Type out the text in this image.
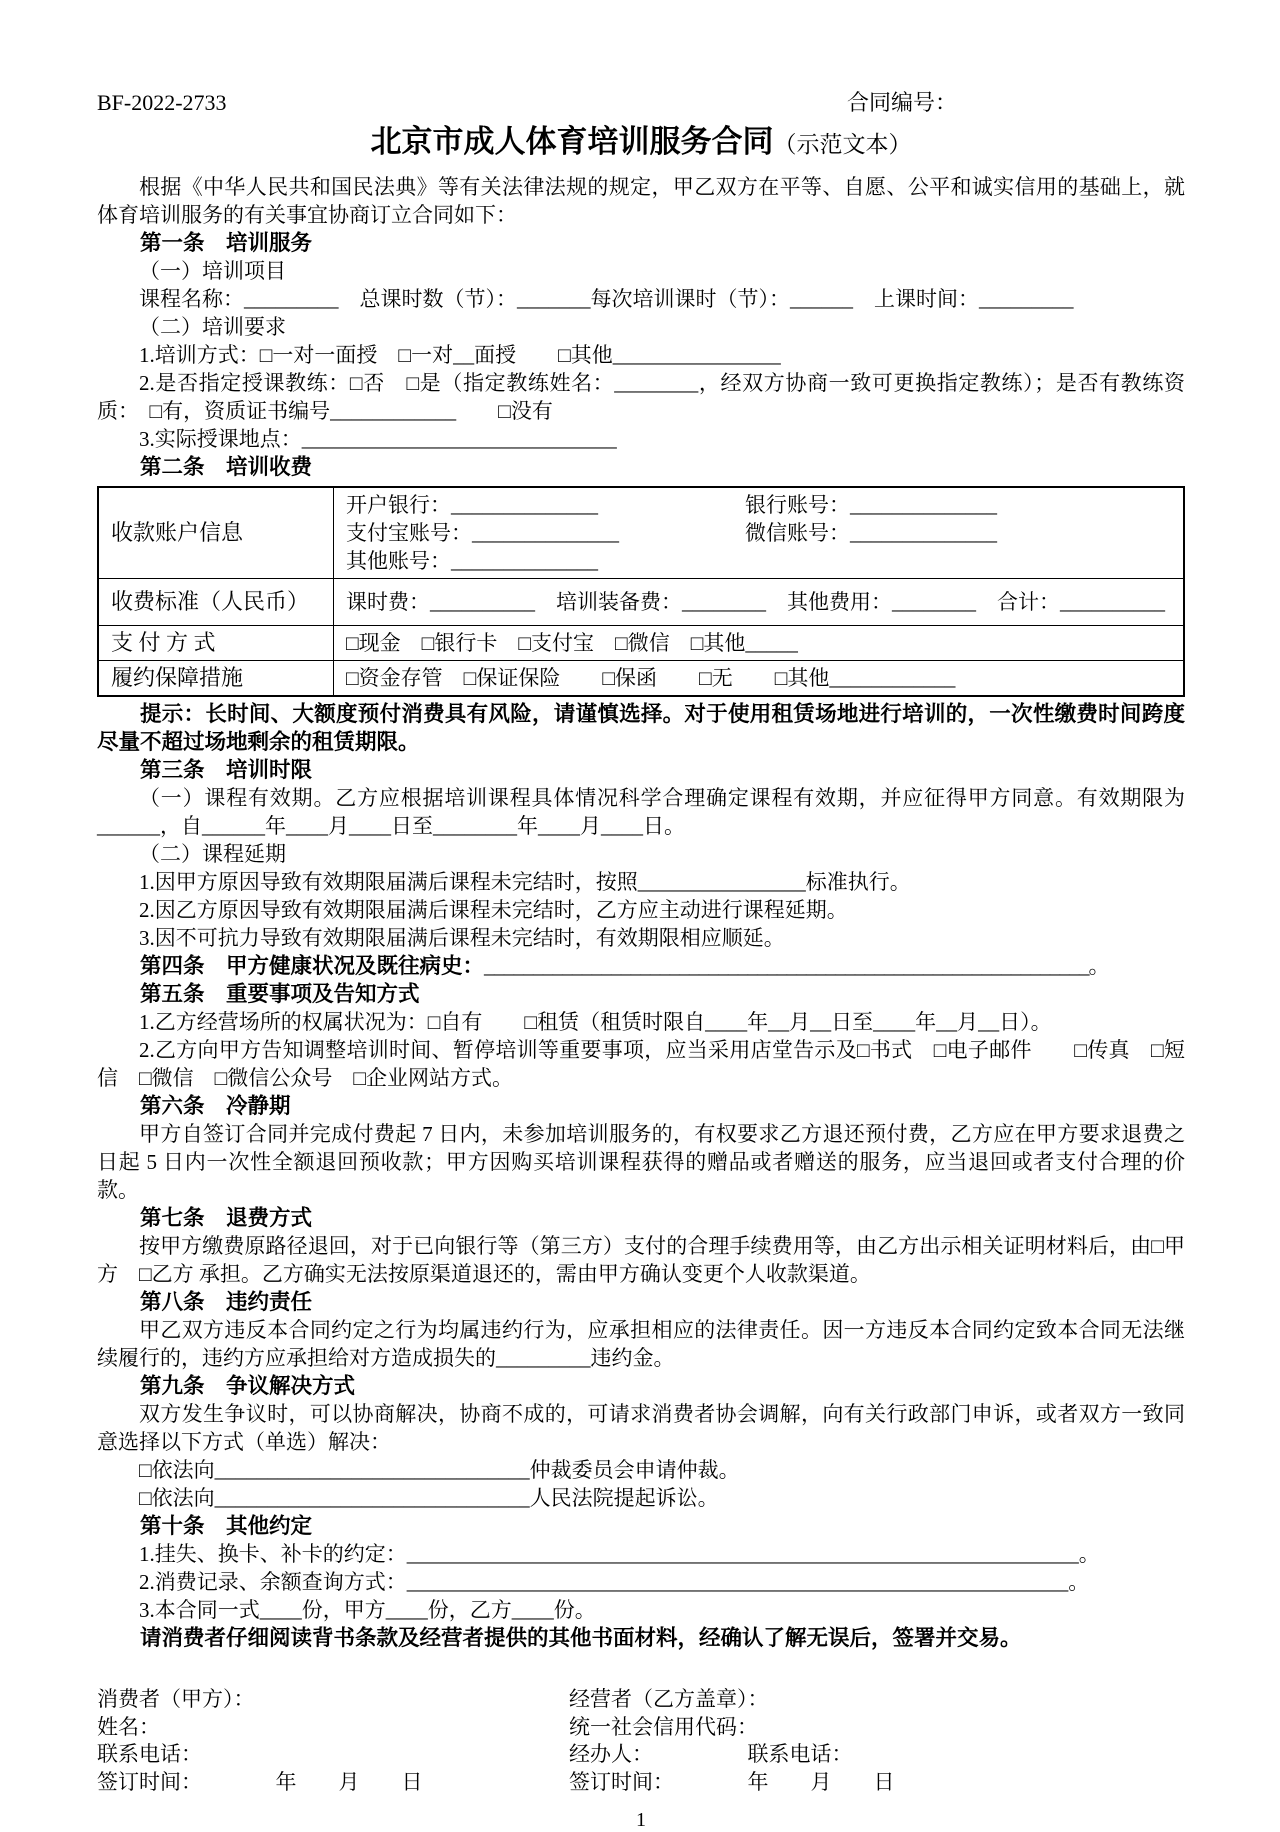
BF-2022-2733	合同编号：
北京市成人体育培训服务合同（示范文本）

根据《中华人民共和国民法典》等有关法律法规的规定，甲乙双方在平等、自愿、公平和诚实信用的基础上，就体育培训服务的有关事宜协商订立合同如下：

第一条　培训服务

（一）培训项目

课程名称：_________　总课时数（节）：_______每次培训课时（节）：______　上课时间：_________

（二）培训要求

1.培训方式：□一对一面授　□一对__面授　　□其他________________

2.是否指定授课教练：□否　□是（指定教练姓名：________，经双方协商一致可更换指定教练）；是否有教练资质：　□有，资质证书编号____________　　□没有

3.实际授课地点：______________________________

第二条　培训收费

收款账户信息	开户银行：______________　　　　　　　银行账号：______________
支付宝账号：______________　　　　　　微信账号：______________
其他账号：______________

收费标准（人民币）	课时费：__________　培训装备费：________　其他费用：________　合计：__________

支 付 方 式	□现金　□银行卡　□支付宝　□微信　□其他_____

履约保障措施	□资金存管　□保证保险　　□保函　　□无　　□其他____________

提示：长时间、大额度预付消费具有风险，请谨慎选择。对于使用租赁场地进行培训的，一次性缴费时间跨度尽量不超过场地剩余的租赁期限。

第三条　培训时限

（一）课程有效期。乙方应根据培训课程具体情况科学合理确定课程有效期，并应征得甲方同意。有效期限为______，自______年____月____日至________年____月____日。

（二）课程延期

1.因甲方原因导致有效期限届满后课程未完结时，按照________________标准执行。

2.因乙方原因导致有效期限届满后课程未完结时，乙方应主动进行课程延期。

3.因不可抗力导致有效期限届满后课程未完结时，有效期限相应顺延。

第四条　甲方健康状况及既往病史：______________________________________________________________。

第五条　重要事项及告知方式

1.乙方经营场所的权属状况为：□自有　　□租赁（租赁时限自____年__月__日至____年__月__日）。

2.乙方向甲方告知调整培训时间、暂停培训等重要事项，应当采用店堂告示及□书式　□电子邮件　　□传真　□短信　□微信　□微信公众号　□企业网站方式。

第六条　冷静期

甲方自签订合同并完成付费起 7 日内，未参加培训服务的，有权要求乙方退还预付费，乙方应在甲方要求退费之日起 5 日内一次性全额退回预收款；甲方因购买培训课程获得的赠品或者赠送的服务，应当退回或者支付合理的价款。

第七条　退费方式

按甲方缴费原路径退回，对于已向银行等（第三方）支付的合理手续费用等，由乙方出示相关证明材料后，由□甲方　□乙方 承担。乙方确实无法按原渠道退还的，需由甲方确认变更个人收款渠道。

第八条　违约责任

甲乙双方违反本合同约定之行为均属违约行为，应承担相应的法律责任。因一方违反本合同约定致本合同无法继续履行的，违约方应承担给对方造成损失的_________违约金。

第九条　争议解决方式

双方发生争议时，可以协商解决，协商不成的，可请求消费者协会调解，向有关行政部门申诉，或者双方一致同意选择以下方式（单选）解决：

□依法向______________________________仲裁委员会申请仲裁。

□依法向______________________________人民法院提起诉讼。

第十条　其他约定

1.挂失、换卡、补卡的约定：________________________________________________________________。

2.消费记录、余额查询方式：_______________________________________________________________。

3.本合同一式____份，甲方____份，乙方____份。

请消费者仔细阅读背书条款及经营者提供的其他书面材料，经确认了解无误后，签署并交易。

消费者（甲方）：
姓名：
联系电话：
签订时间：　　　　年　　月　　日
经营者（乙方盖章）：
统一社会信用代码：
经办人：　　　　　联系电话：
签订时间：　　　　年　　月　　日
1
